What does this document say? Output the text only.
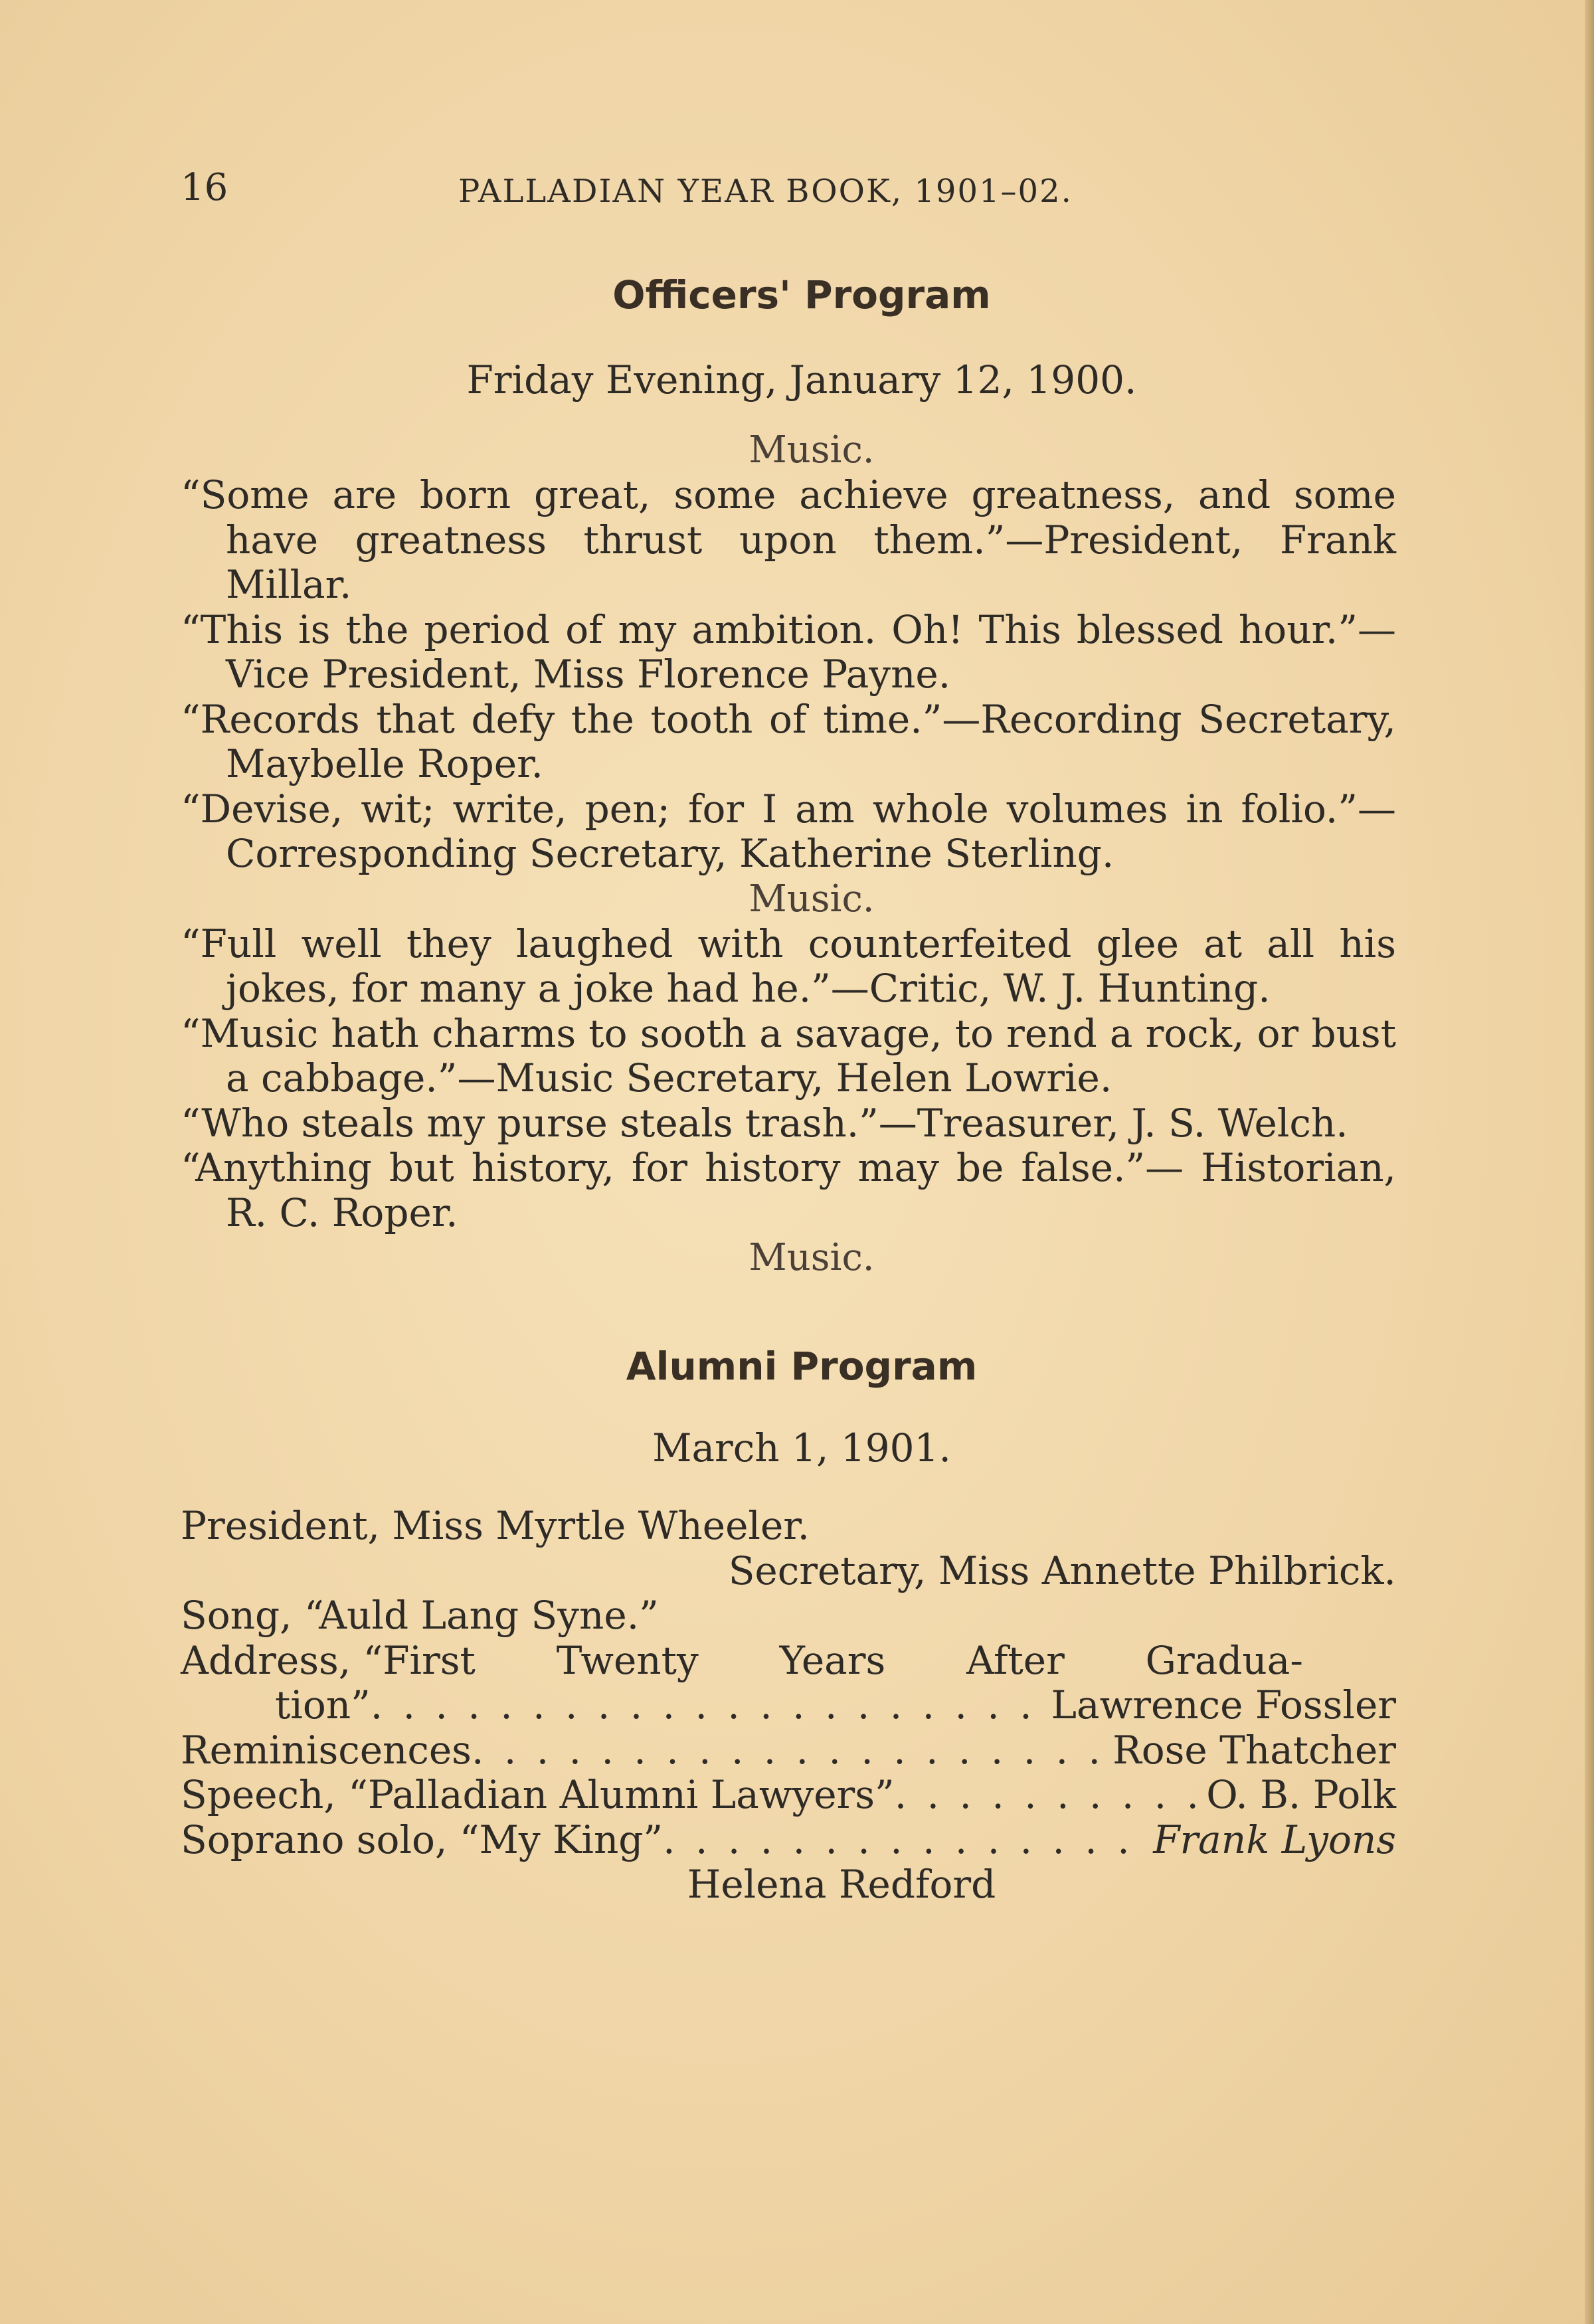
16	PALLADIAN YEAR BOOK, 1901–02.
Officers' Program
Friday Evening, January 12, 1900.
Music.
“Some are born great, some achieve greatness, and some have greatness thrust upon them.”—President, Frank Millar.
“This is the period of my ambition. Oh! This blessed hour.”—Vice President, Miss Florence Payne.
“Records that defy the tooth of time.”—Recording Secretary, Maybelle Roper.
“Devise, wit; write, pen; for I am whole volumes in folio.”—Corresponding Secretary, Katherine Sterling.
Music.
“Full well they laughed with counterfeited glee at all his jokes, for many a joke had he.”—Critic, W. J. Hunting.
“Music hath charms to sooth a savage, to rend a rock, or bust a cabbage.”—Music Secretary, Helen Lowrie.
“Who steals my purse steals trash.”—Treasurer, J. S. Welch.
“Anything but history, for history may be false.”— Historian, R. C. Roper.
Music.
Alumni Program
March 1, 1901.
President, Miss Myrtle Wheeler.
Secretary, Miss Annette Philbrick.
Song, “Auld Lang Syne.”
Address, “First Twenty Years After Gradua-
tion” . . .	Lawrence Fossler
Reminiscences . . .	Rose Thatcher
Speech, “Palladian Alumni Lawyers” . . .	O. B. Polk
Soprano solo, “My King” . . .	Frank Lyons
Helena Redford
